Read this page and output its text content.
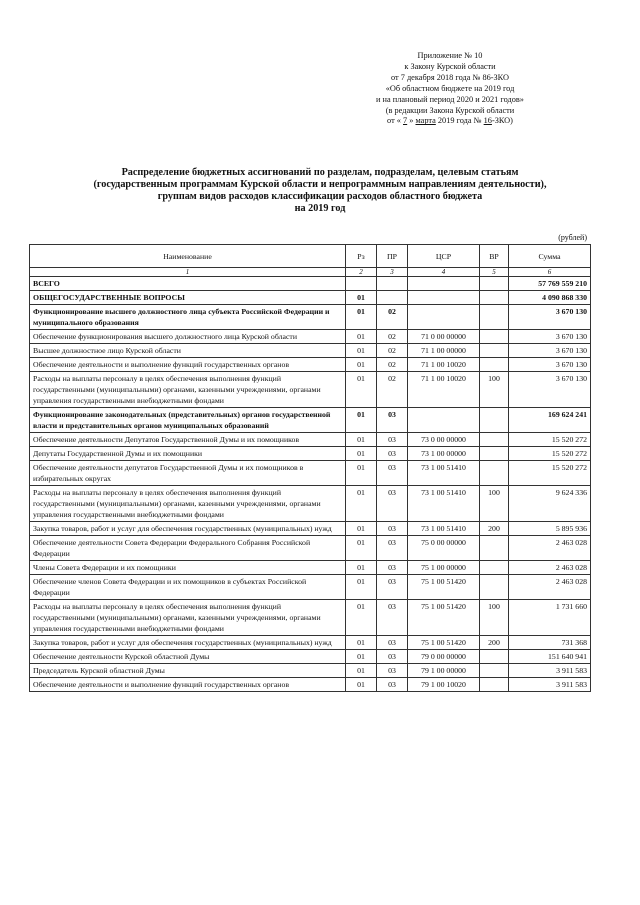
Приложение № 10
к Закону Курской области
от 7 декабря 2018 года № 86-ЗКО
«Об областном бюджете на 2019 год
и на плановый период 2020 и 2021 годов»
(в редакции Закона Курской области
от « 7 » марта 2019 года № 16-ЗКО)
Распределение бюджетных ассигнований по разделам, подразделам, целевым статьям
(государственным программам Курской области и непрограммным направлениям деятельности),
группам видов расходов классификации расходов областного бюджета
на 2019 год
(рублей)
Наименование	Рз	ПР	ЦСР	ВР	Сумма
1	2	3	4	5	6
ВСЕГО					57 769 559 210
ОБЩЕГОСУДАРСТВЕННЫЕ ВОПРОСЫ	01				4 090 868 330
Функционирование высшего должностного лица субъекта Российской Федерации и муниципального образования	01	02			3 670 130
Обеспечение функционирования высшего должностного лица Курской области	01	02	71 0 00 00000		3 670 130
Высшее должностное лицо Курской области	01	02	71 1 00 00000		3 670 130
Обеспечение деятельности и выполнение функций государственных органов	01	02	71 1 00 10020		3 670 130
Расходы на выплаты персоналу в целях обеспечения выполнения функций государственными (муниципальными) органами, казенными учреждениями, органами управления государственными внебюджетными фондами	01	02	71 1 00 10020	100	3 670 130
Функционирование законодательных (представительных) органов государственной власти и представительных органов муниципальных образований	01	03			169 624 241
Обеспечение деятельности Депутатов Государственной Думы и их помощников	01	03	73 0 00 00000		15 520 272
Депутаты Государственной Думы и их помощники	01	03	73 1 00 00000		15 520 272
Обеспечение деятельности депутатов Государственной Думы и их помощников в избирательных округах	01	03	73 1 00 51410		15 520 272
Расходы на выплаты персоналу в целях обеспечения выполнения функций государственными (муниципальными) органами, казенными учреждениями, органами управления государственными внебюджетными фондами	01	03	73 1 00 51410	100	9 624 336
Закупка товаров, работ и услуг для обеспечения государственных (муниципальных) нужд	01	03	73 1 00 51410	200	5 895 936
Обеспечение деятельности Совета Федерации Федерального Собрания Российской Федерации	01	03	75 0 00 00000		2 463 028
Члены Совета Федерации и их помощники	01	03	75 1 00 00000		2 463 028
Обеспечение членов Совета Федерации и их помощников в субъектах Российской Федерации	01	03	75 1 00 51420		2 463 028
Расходы на выплаты персоналу в целях обеспечения выполнения функций государственными (муниципальными) органами, казенными учреждениями, органами управления государственными внебюджетными фондами	01	03	75 1 00 51420	100	1 731 660
Закупка товаров, работ и услуг для обеспечения государственных (муниципальных) нужд	01	03	75 1 00 51420	200	731 368
Обеспечение деятельности Курской областной Думы	01	03	79 0 00 00000		151 640 941
Председатель Курской областной Думы	01	03	79 1 00 00000		3 911 583
Обеспечение деятельности и выполнение функций государственных органов	01	03	79 1 00 10020		3 911 583
